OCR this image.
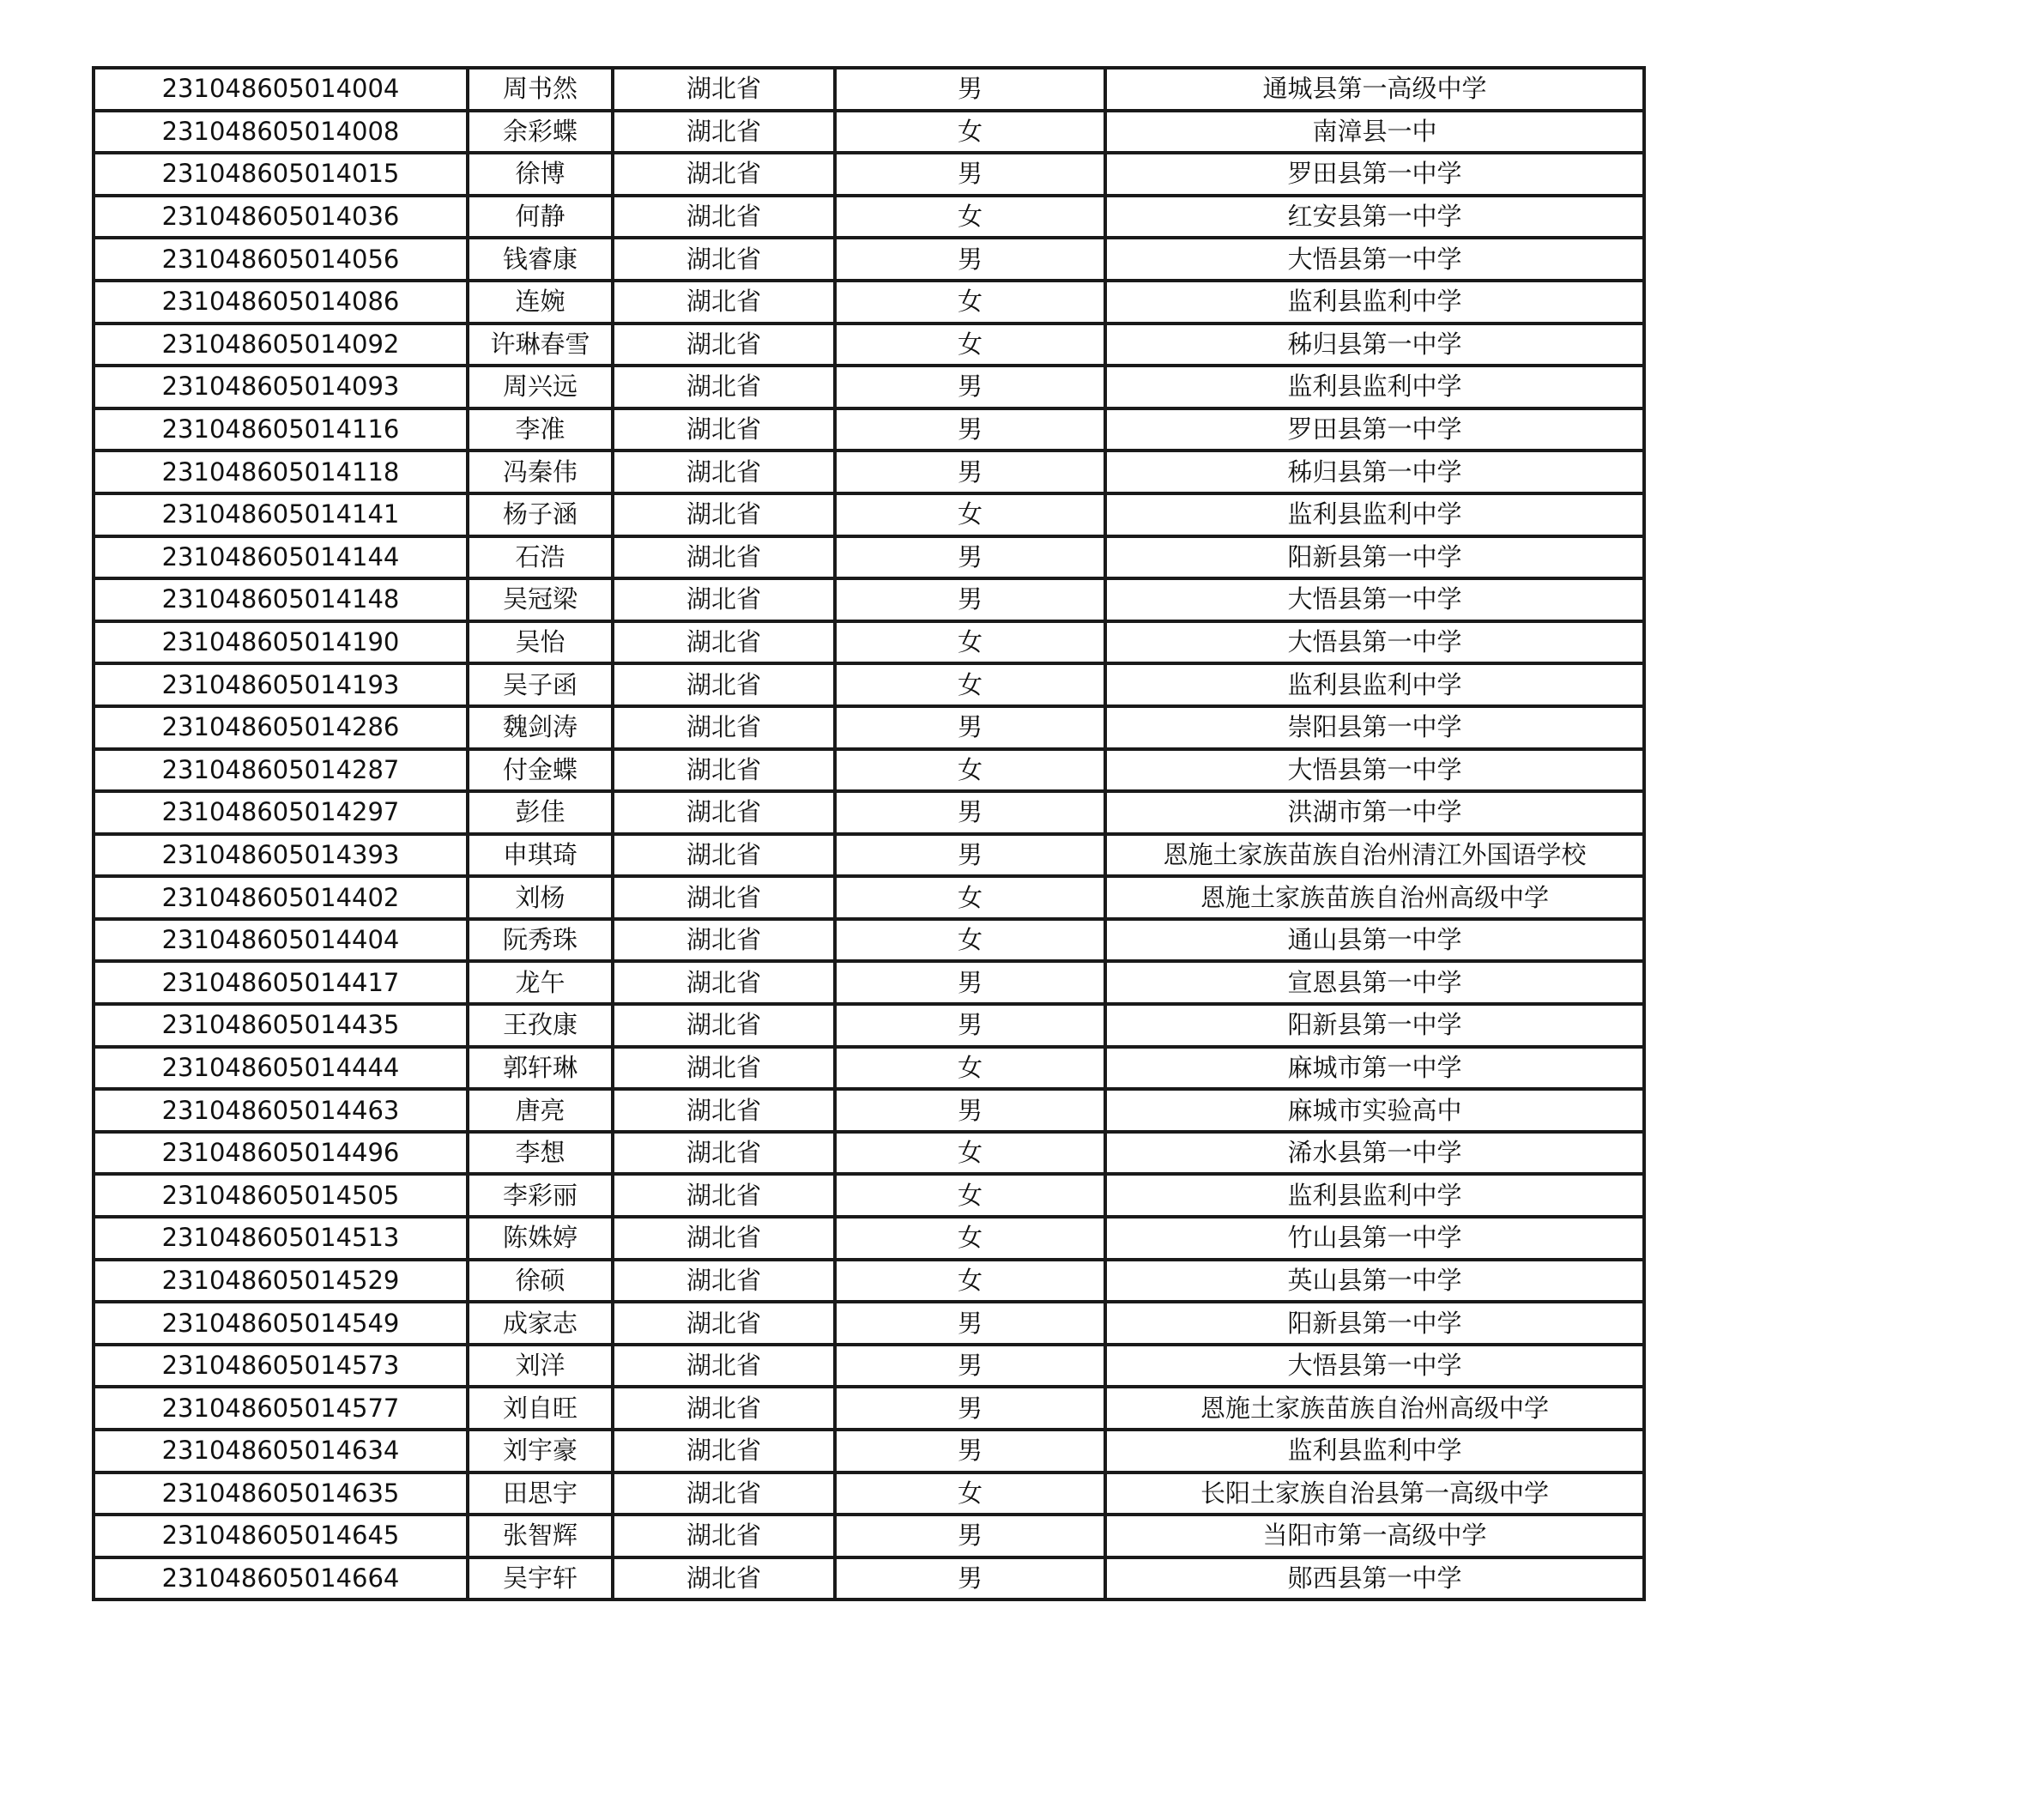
231048605014004	周书然	湖北省	男	通城县第一高级中学
231048605014008	余彩蝶	湖北省	女	南漳县一中
231048605014015	徐博	湖北省	男	罗田县第一中学
231048605014036	何静	湖北省	女	红安县第一中学
231048605014056	钱睿康	湖北省	男	大悟县第一中学
231048605014086	连婉	湖北省	女	监利县监利中学
231048605014092	许琳春雪	湖北省	女	秭归县第一中学
231048605014093	周兴远	湖北省	男	监利县监利中学
231048605014116	李准	湖北省	男	罗田县第一中学
231048605014118	冯秦伟	湖北省	男	秭归县第一中学
231048605014141	杨子涵	湖北省	女	监利县监利中学
231048605014144	石浩	湖北省	男	阳新县第一中学
231048605014148	吴冠梁	湖北省	男	大悟县第一中学
231048605014190	吴怡	湖北省	女	大悟县第一中学
231048605014193	吴子函	湖北省	女	监利县监利中学
231048605014286	魏剑涛	湖北省	男	崇阳县第一中学
231048605014287	付金蝶	湖北省	女	大悟县第一中学
231048605014297	彭佳	湖北省	男	洪湖市第一中学
231048605014393	申琪琦	湖北省	男	恩施土家族苗族自治州清江外国语学校
231048605014402	刘杨	湖北省	女	恩施土家族苗族自治州高级中学
231048605014404	阮秀珠	湖北省	女	通山县第一中学
231048605014417	龙午	湖北省	男	宣恩县第一中学
231048605014435	王孜康	湖北省	男	阳新县第一中学
231048605014444	郭轩琳	湖北省	女	麻城市第一中学
231048605014463	唐亮	湖北省	男	麻城市实验高中
231048605014496	李想	湖北省	女	浠水县第一中学
231048605014505	李彩丽	湖北省	女	监利县监利中学
231048605014513	陈姝婷	湖北省	女	竹山县第一中学
231048605014529	徐硕	湖北省	女	英山县第一中学
231048605014549	成家志	湖北省	男	阳新县第一中学
231048605014573	刘洋	湖北省	男	大悟县第一中学
231048605014577	刘自旺	湖北省	男	恩施土家族苗族自治州高级中学
231048605014634	刘宇豪	湖北省	男	监利县监利中学
231048605014635	田思宇	湖北省	女	长阳土家族自治县第一高级中学
231048605014645	张智辉	湖北省	男	当阳市第一高级中学
231048605014664	吴宇轩	湖北省	男	郧西县第一中学
